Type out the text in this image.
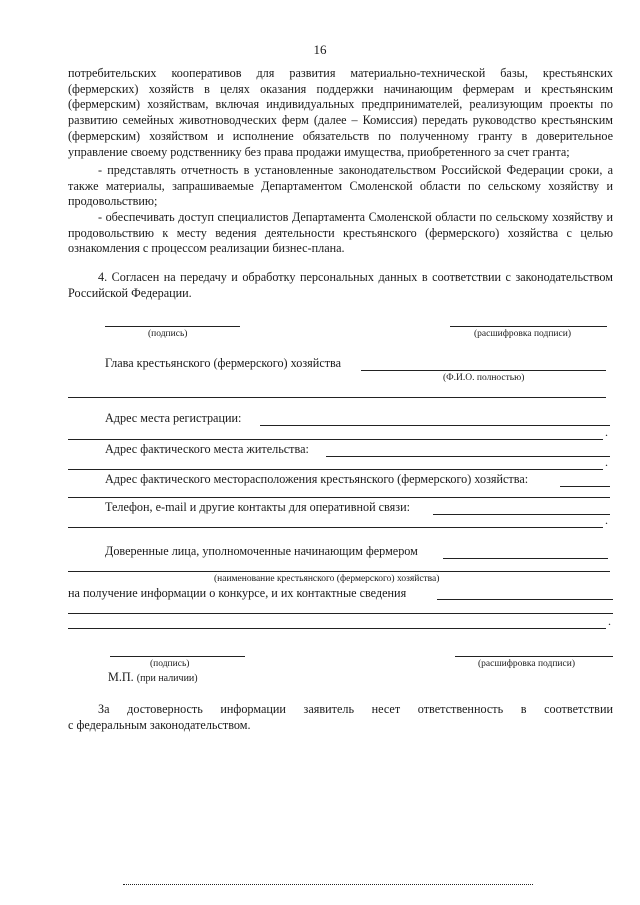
16
потребительских кооперативов для развития материально-технической базы, крестьянских (фермерских) хозяйств в целях оказания поддержки начинающим фермерам и крестьянским (фермерским) хозяйствам, включая индивидуальных предпринимателей, реализующим проекты по развитию семейных животноводческих ферм (далее – Комиссия) передать руководство крестьянским (фермерским) хозяйством и исполнение обязательств по полученному гранту в доверительное управление своему родственнику без права продажи имущества, приобретенного за счет гранта;
- представлять отчетность в установленные законодательством Российской Федерации сроки, а также материалы, запрашиваемые Департаментом Смоленской области по сельскому хозяйству и продовольствию;
- обеспечивать доступ специалистов Департамента Смоленской области по сельскому хозяйству и продовольствию к месту ведения деятельности крестьянского (фермерского) хозяйства с целью ознакомления с процессом реализации бизнес-плана.
4. Согласен на передачу и обработку персональных данных в соответствии с законодательством Российской Федерации.
(подпись)	(расшифровка подписи)
Глава крестьянского (фермерского) хозяйства
(Ф.И.О. полностью)
Адрес места регистрации:
.
Адрес фактического места жительства:
.
Адрес фактического месторасположения крестьянского (фермерского) хозяйства:
Телефон, e-mail и другие контакты для оперативной связи:
.
Доверенные лица, уполномоченные начинающим фермером
(наименование крестьянского (фермерского) хозяйства)
на получение информации о конкурсе, и их контактные сведения
.
(подпись)	(расшифровка подписи)
М.П. (при наличии)
За достоверность информации заявитель несет ответственность в соответствии
с федеральным законодательством.
